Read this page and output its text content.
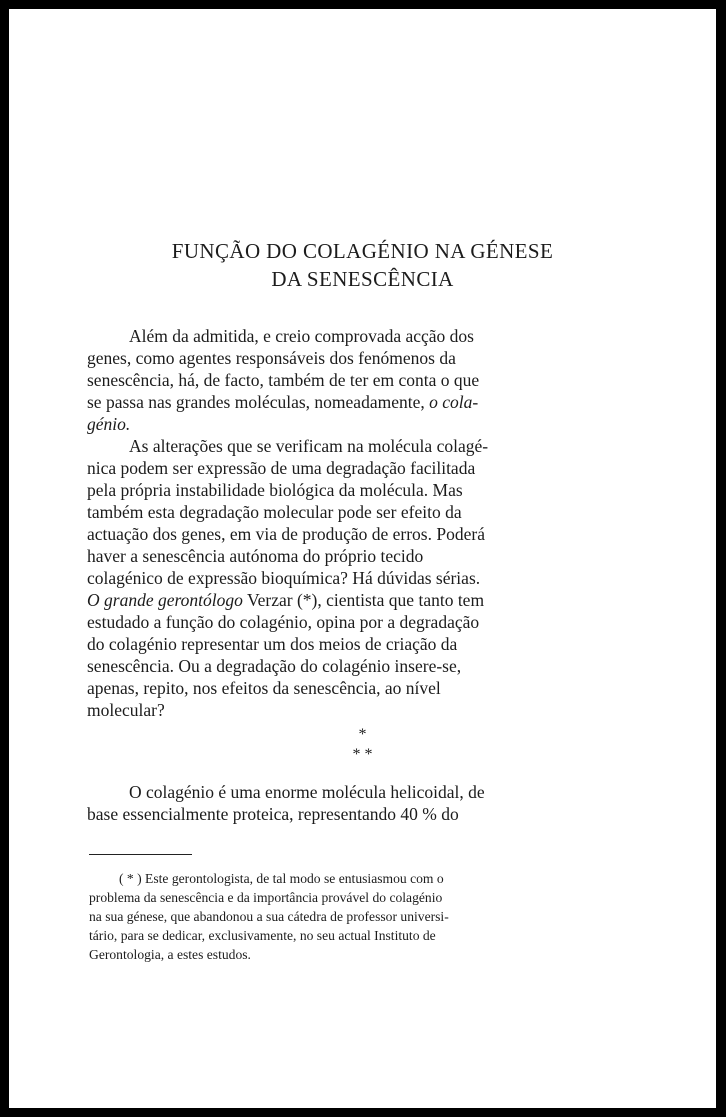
FUNÇÃO DO COLAGÉNIO NA GÉNESE
DA SENESCÊNCIA
Além da admitida, e creio comprovada acção dos
genes, como agentes responsáveis dos fenómenos da
senescência, há, de facto, também de ter em conta o que
se passa nas grandes moléculas, nomeadamente, o cola-
génio.
As alterações que se verificam na molécula colagé-
nica podem ser expressão de uma degradação facilitada
pela própria instabilidade biológica da molécula. Mas
também esta degradação molecular pode ser efeito da
actuação dos genes, em via de produção de erros. Poderá
haver a senescência autónoma do próprio tecido
colagénico de expressão bioquímica? Há dúvidas sérias.
O grande gerontólogo Verzar (*), cientista que tanto tem
estudado a função do colagénio, opina por a degradação
do colagénio representar um dos meios de criação da
senescência. Ou a degradação do colagénio insere-se,
apenas, repito, nos efeitos da senescência, ao nível
molecular?
*
* *
O colagénio é uma enorme molécula helicoidal, de
base essencialmente proteica, representando 40 % do
( * ) Este gerontologista, de tal modo se entusiasmou com o
problema da senescência e da importância provável do colagénio
na sua génese, que abandonou a sua cátedra de professor universi-
tário, para se dedicar, exclusivamente, no seu actual Instituto de
Gerontologia, a estes estudos.
